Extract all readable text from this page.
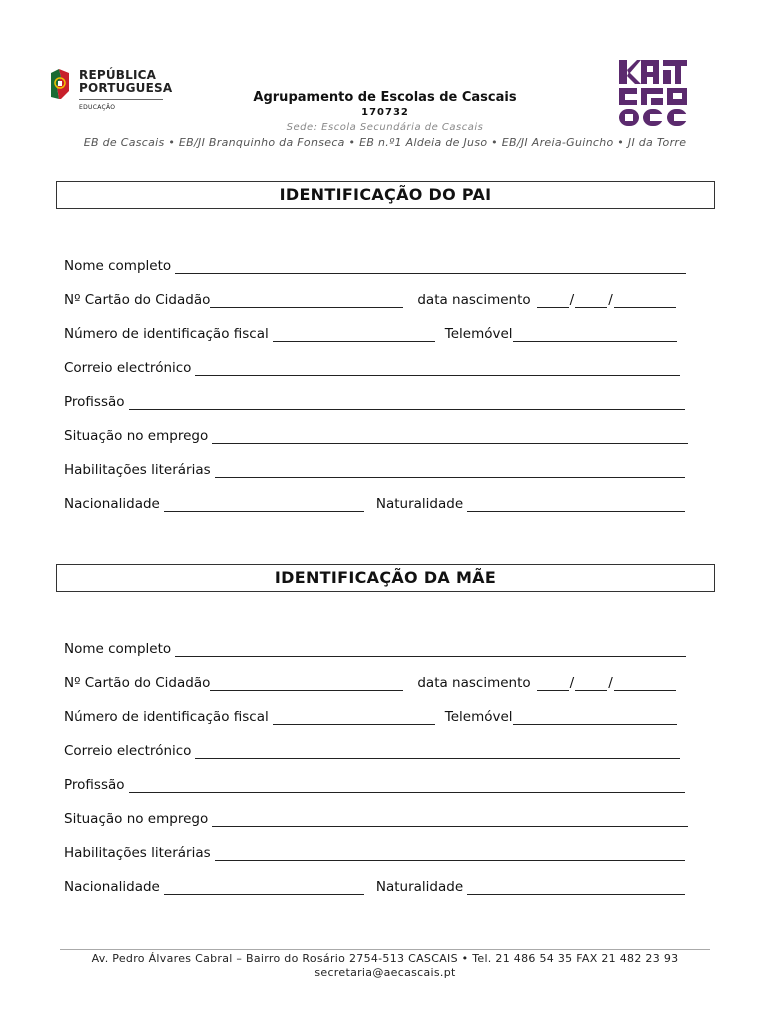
REPÚBLICA
PORTUGUESA
EDUCAÇÃO
Agrupamento de Escolas de Cascais
170732
Sede: Escola Secundária de Cascais
EB de Cascais • EB/JI Branquinho da Fonseca • EB n.º1 Aldeia de Juso • EB/JI Areia-Guincho • JI da Torre
IDENTIFICAÇÃO DO PAI
Nome completo
Nº Cartão do Cidadão	data nascimento	/	/
Número de identificação fiscal	Telemóvel
Correio electrónico
Profissão
Situação no emprego
Habilitações literárias
Nacionalidade	Naturalidade
IDENTIFICAÇÃO DA MÃE
Nome completo
Nº Cartão do Cidadão	data nascimento	/	/
Número de identificação fiscal	Telemóvel
Correio electrónico
Profissão
Situação no emprego
Habilitações literárias
Nacionalidade	Naturalidade
Av. Pedro Álvares Cabral – Bairro do Rosário 2754-513 CASCAIS • Tel. 21 486 54 35 FAX 21 482 23 93
secretaria@aecascais.pt
